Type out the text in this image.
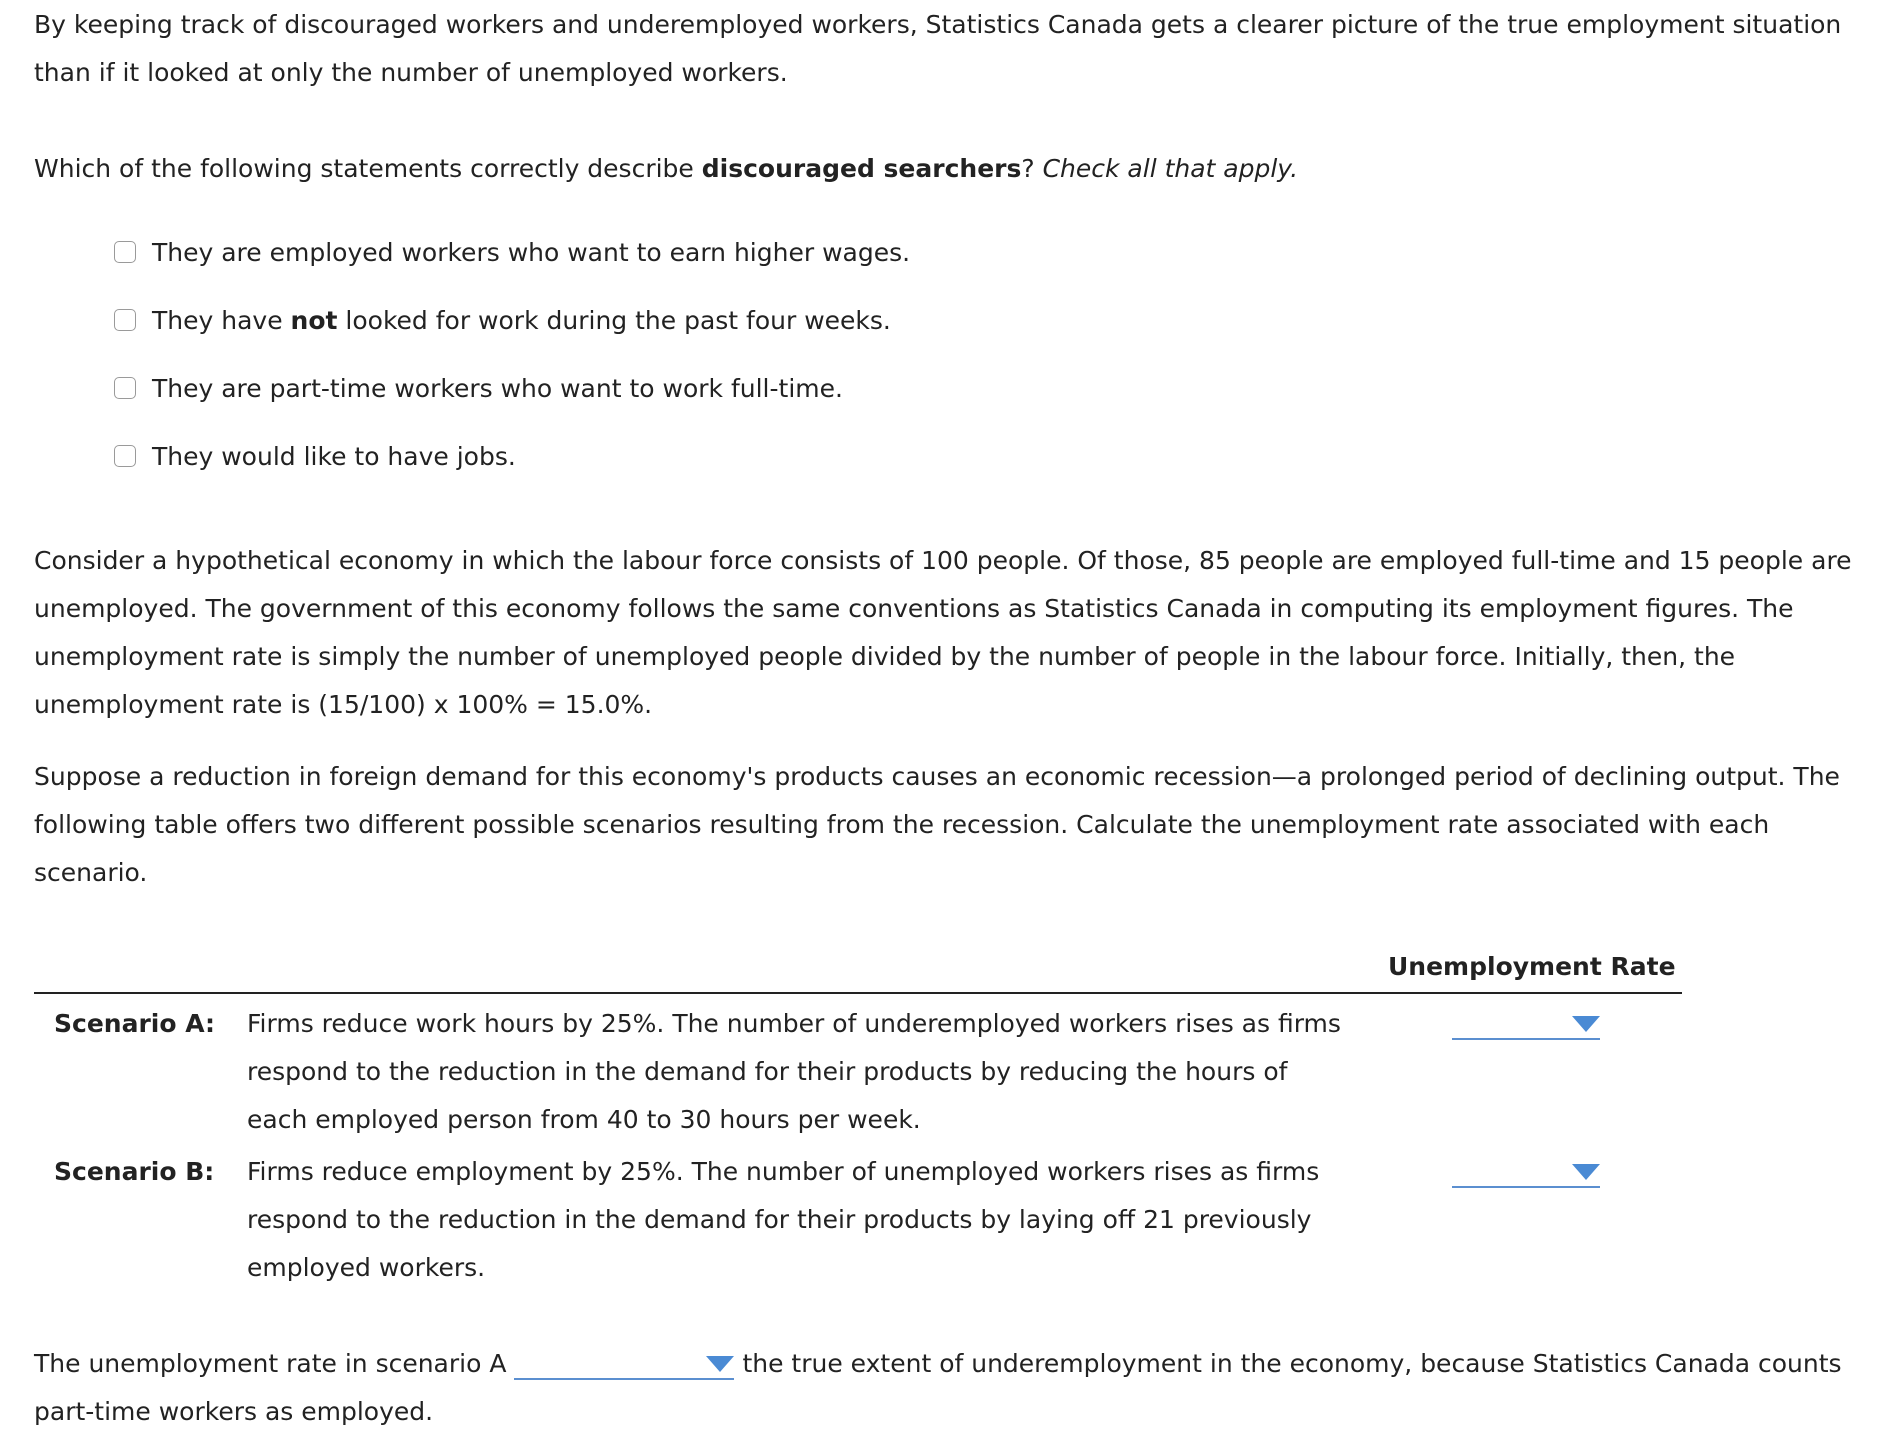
By keeping track of discouraged workers and underemployed workers, Statistics Canada gets a clearer picture of the true employment situation than if it looked at only the number of unemployed workers.

Which of the following statements correctly describe discouraged searchers? Check all that apply.

They are employed workers who want to earn higher wages.
They have not looked for work during the past four weeks.
They are part-time workers who want to work full-time.
They would like to have jobs.

Consider a hypothetical economy in which the labour force consists of 100 people. Of those, 85 people are employed full-time and 15 people are unemployed. The government of this economy follows the same conventions as Statistics Canada in computing its employment figures. The unemployment rate is simply the number of unemployed people divided by the number of people in the labour force. Initially, then, the unemployment rate is (15/100) x 100% = 15.0%.

Suppose a reduction in foreign demand for this economy's products causes an economic recession—a prolonged period of declining output. The following table offers two different possible scenarios resulting from the recession. Calculate the unemployment rate associated with each scenario.

Unemployment Rate
Scenario A: Firms reduce work hours by 25%. The number of underemployed workers rises as firms respond to the reduction in the demand for their products by reducing the hours of each employed person from 40 to 30 hours per week.
Scenario B: Firms reduce employment by 25%. The number of unemployed workers rises as firms respond to the reduction in the demand for their products by laying off 21 previously employed workers.
The unemployment rate in scenario A	the true extent of underemployment in the economy, because Statistics Canada counts part-time workers as employed.
